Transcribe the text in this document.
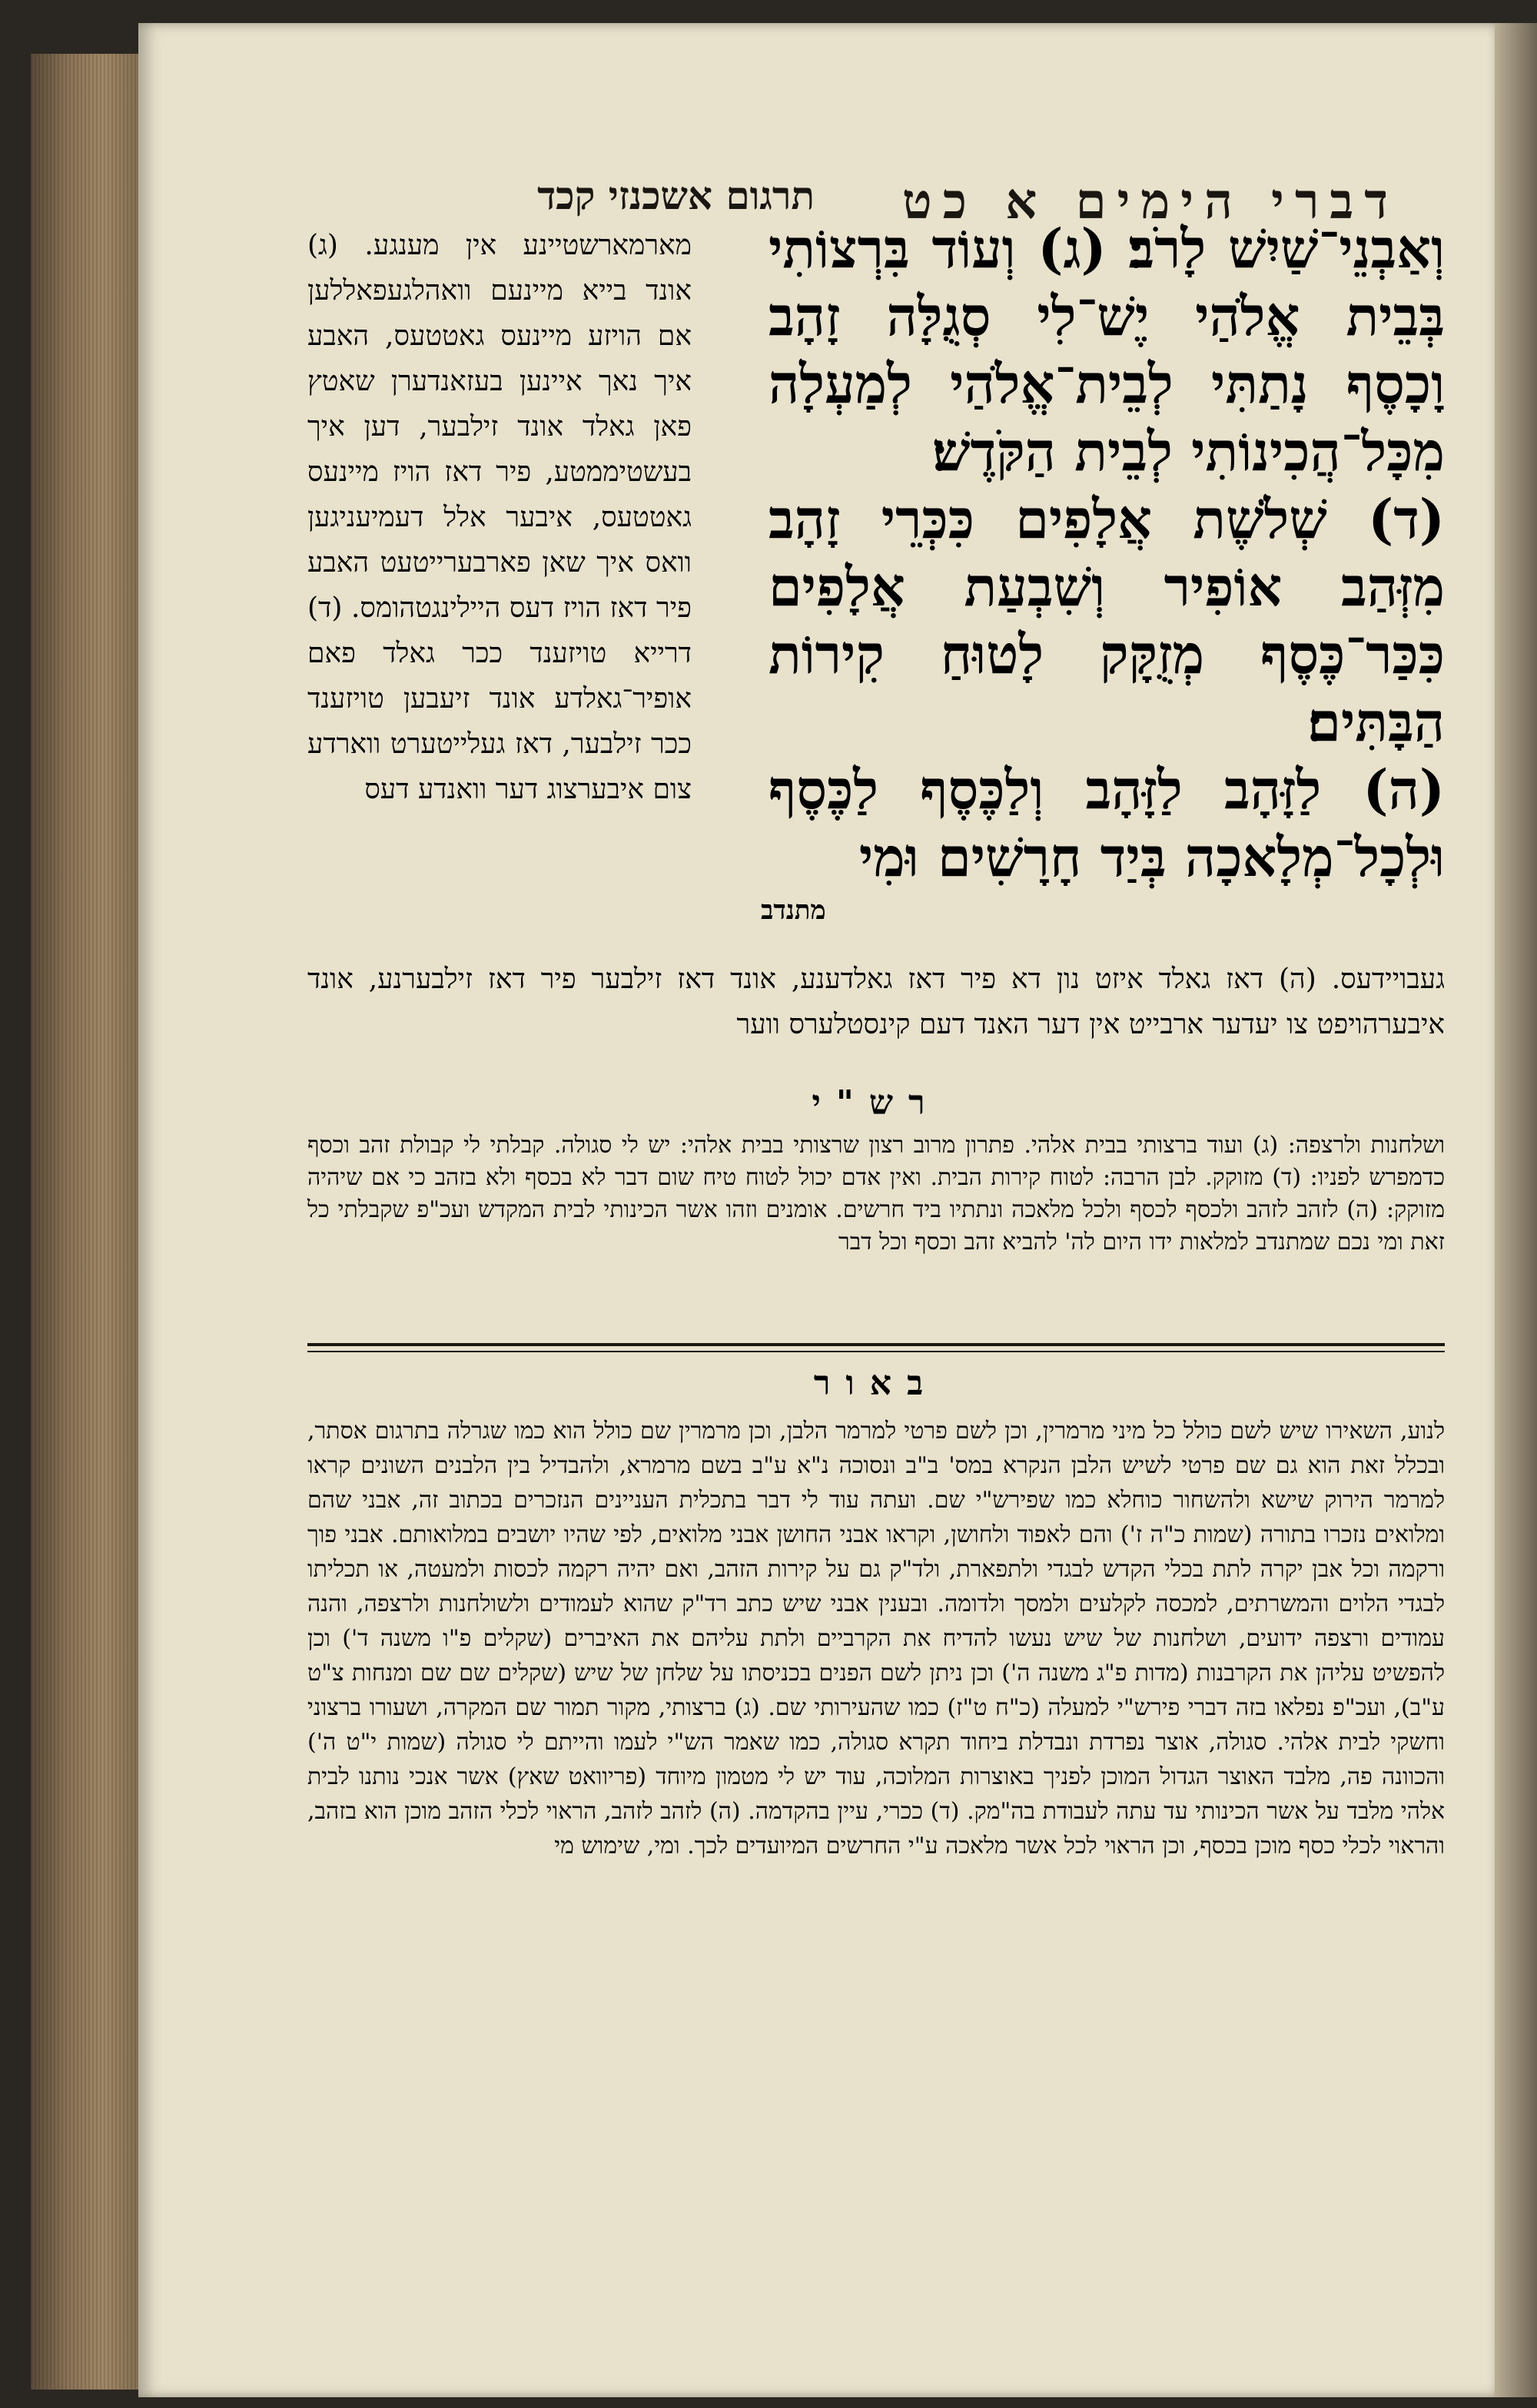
דברי הימים א כט
תרגום אשכנזי קכד

וְאַבְנֵי־שַׁיִשׁ לָרֹב׃ (ג) וְעוֹד בִּרְצוֹתִי בְּבֵית אֱלֹהַי יֶשׁ־לִי סְגֻלָּה זָהָב וָכָסֶף נָתַתִּי לְבֵית־אֱלֹהַי לְמַעְלָה מִכָּל־הֲכִינוֹתִי לְבֵית הַקֹּדֶשׁ׃

(ד) שְׁלֹשֶׁת אֲלָפִים כִּכְּרֵי זָהָב מִזְּהַב אוֹפִיר וְשִׁבְעַת אֲלָפִים כִּכַּר־כֶּסֶף מְזֻקָּק לָטוּחַ קִירוֹת הַבָּתִּים׃

(ה) לַזָּהָב לַזָּהָב וְלַכֶּסֶף לַכֶּסֶף וּלְכָל־מְלָאכָה בְּיַד חָרָשִׁים וּמִי

מתנדב

מארמארשטיינע אין מענגע. (ג) אונד בייא מיינעם וואהלגעפאללען אם הויזע מיינעס גאטטעס, האבע איך נאך איינען בעזאנדערן שאטץ פאן גאלד אונד זילבער, דען איך בעשטיממטע, פיר דאז הויז מיינעס גאטטעס, איבער אלל דעמיעניגען וואס איך שאן פארבערייטעט האבע פיר דאז הויז דעס היילינגטהומס. (ד) דרייא טויזענד ככר גאלד פאם אופיר־גאלדע אונד זיעבען טויזענד ככר זילבער, דאז געלייטערט ווארדע צום איבערצוג דער וואנדע דעס

געבויידעס. (ה) דאז גאלד איזט נון דא פיר דאז גאלדענע, אונד דאז זילבער פיר דאז זילבערנע, אונד איבערהויפט צו יעדער ארבייט אין דער האנד דעם קינסטלערס ווער

רש"י

ושלחנות ולרצפה: (ג) ועוד ברצותי בבית אלהי. פתרון מרוב רצון שרצותי בבית אלהי: יש לי סגולה. קבלתי לי קבולת זהב וכסף כדמפרש לפניו: (ד) מזוקק. לבן הרבה: לטוח קירות הבית. ואין אדם יכול לטוח טיח שום דבר לא בכסף ולא בזהב כי אם שיהיה מזוקק: (ה) לזהב לזהב ולכסף לכסף ולכל מלאכה ונתתיו ביד חרשים. אומנים וזהו אשר הכינותי לבית המקדש ועכ"פ שקבלתי כל זאת ומי נכם שמתנדב למלאות ידו היום לה' להביא זהב וכסף וכל דבר

באור

לנוע, השאירו שיש לשם כולל כל מיני מרמרין, וכן לשם פרטי למרמר הלבן, וכן מרמרין שם כולל הוא כמו שגרלה בתרגום אסתר, ובכלל זאת הוא גם שם פרטי לשיש הלבן הנקרא במס' ב"ב ונסוכה נ"א ע"ב בשם מרמרא, ולהבדיל בין הלבנים השונים קראו למרמר הירוק שישא ולהשחור כוחלא כמו שפירש"י שם. ועתה עוד לי דבר בתכלית העניינים הנזכרים בכתוב זה, אבני שהם ומלואים נזכרו בתורה (שמות כ"ה ז') והם לאפוד ולחושן, וקראו אבני החושן אבני מלואים, לפי שהיו יושבים במלואותם. אבני פוך ורקמה וכל אבן יקרה לתת בכלי הקדש לבגדי ולתפארת, ולד"ק גם על קירות הזהב, ואם יהיה רקמה לכסות ולמעטה, או תכליתו לבגדי הלוים והמשרתים, למכסה לקלעים ולמסך ולדומה. ובענין אבני שיש כתב רד"ק שהוא לעמודים ולשולחנות ולרצפה, והנה עמודים ורצפה ידועים, ושלחנות של שיש נעשו להדיח את הקרביים ולתת עליהם את האיברים (שקלים פ"ו משנה ד') וכן להפשיט עליהן את הקרבנות (מדות פ"ג משנה ה') וכן ניתן לשם הפנים בכניסתו על שלחן של שיש (שקלים שם שם ומנחות צ"ט ע"ב), ועכ"פ נפלאו בזה דברי פירש"י למעלה (כ"ח ט"ז) כמו שהעירותי שם. (ג) ברצותי, מקור תמור שם המקרה, ושעורו ברצוני וחשקי לבית אלהי. סגולה, אוצר נפרדת ונבדלת ביחוד תקרא סגולה, כמו שאמר הש"י לעמו והייתם לי סגולה (שמות י"ט ה') והכוונה פה, מלבד האוצר הגדול המוכן לפניך באוצרות המלוכה, עוד יש לי מטמון מיוחד (פריוואט שאץ) אשר אנכי נותנו לבית אלהי מלבד על אשר הכינותי עד עתה לעבודת בה"מק. (ד) ככרי, עיין בהקדמה. (ה) לזהב לזהב, הראוי לכלי הזהב מוכן הוא בזהב, והראוי לכלי כסף מוכן בכסף, וכן הראוי לכל אשר מלאכה ע"י החרשים המיועדים לכך. ומי, שימוש מי
